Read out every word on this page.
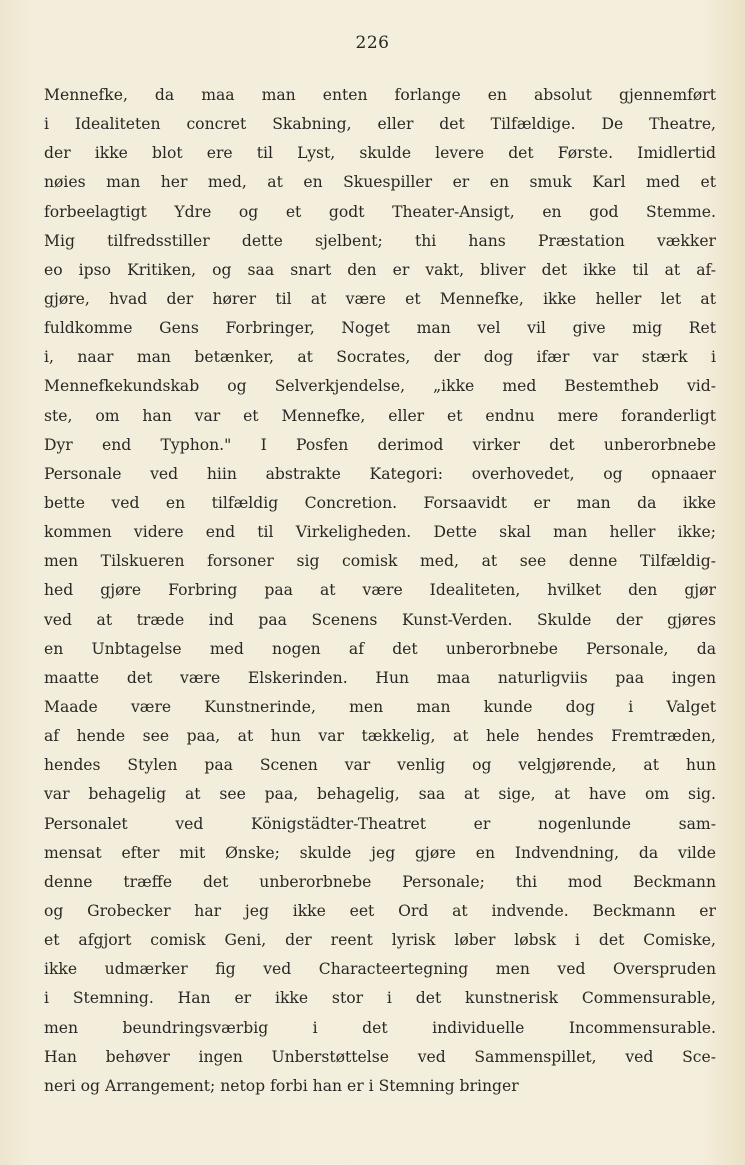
226
Mennefke, da maa man enten forlange en absolut gjennemført
i Idealiteten concret Skabning, eller det Tilfældige. De Theatre,
der ikke blot ere til Lyst, skulde levere det Første. Imidlertid
nøies man her med, at en Skuespiller er en smuk Karl med et
forbeelagtigt Ydre og et godt Theater-Ansigt, en god Stemme.
Mig tilfredsstiller dette sjelbent; thi hans Præstation vækker
eo ipso Kritiken, og saa snart den er vakt, bliver det ikke til at af-
gjøre, hvad der hører til at være et Mennefke, ikke heller let at
fuldkomme Gens Forbringer, Noget man vel vil give mig Ret
i, naar man betænker, at Socrates, der dog ifær var stærk i
Mennefkekundskab og Selverkjendelse, „ikke med Bestemtheb vid-
ste, om han var et Mennefke, eller et endnu mere foranderligt
Dyr end Typhon." I Posfen derimod virker det unberorbnebe
Personale ved hiin abstrakte Kategori: overhovedet, og opnaaer
bette ved en tilfældig Concretion. Forsaavidt er man da ikke
kommen videre end til Virkeligheden. Dette skal man heller ikke;
men Tilskueren forsoner sig comisk med, at see denne Tilfældig-
hed gjøre Forbring paa at være Idealiteten, hvilket den gjør
ved at træde ind paa Scenens Kunst-Verden. Skulde der gjøres
en Unbtagelse med nogen af det unberorbnebe Personale, da
maatte det være Elskerinden. Hun maa naturligviis paa ingen
Maade være Kunstnerinde, men man kunde dog i Valget
af hende see paa, at hun var tækkelig, at hele hendes Fremtræden,
hendes Stylen paa Scenen var venlig og velgjørende, at hun
var behagelig at see paa, behagelig, saa at sige, at have om sig.
Personalet ved Königstädter-Theatret er nogenlunde sam-
mensat efter mit Ønske; skulde jeg gjøre en Indvendning, da vilde
denne træffe det unberorbnebe Personale; thi mod Beckmann
og Grobecker har jeg ikke eet Ord at indvende. Beckmann er
et afgjort comisk Geni, der reent lyrisk løber løbsk i det Comiske,
ikke udmærker fig ved Characteertegning men ved Overspruden
i Stemning. Han er ikke stor i det kunstnerisk Commensurable,
men beundringsværbig i det individuelle Incommensurable.
Han behøver ingen Unberstøttelse ved Sammenspillet, ved Sce-
neri og Arrangement; netop forbi han er i Stemning bringer
